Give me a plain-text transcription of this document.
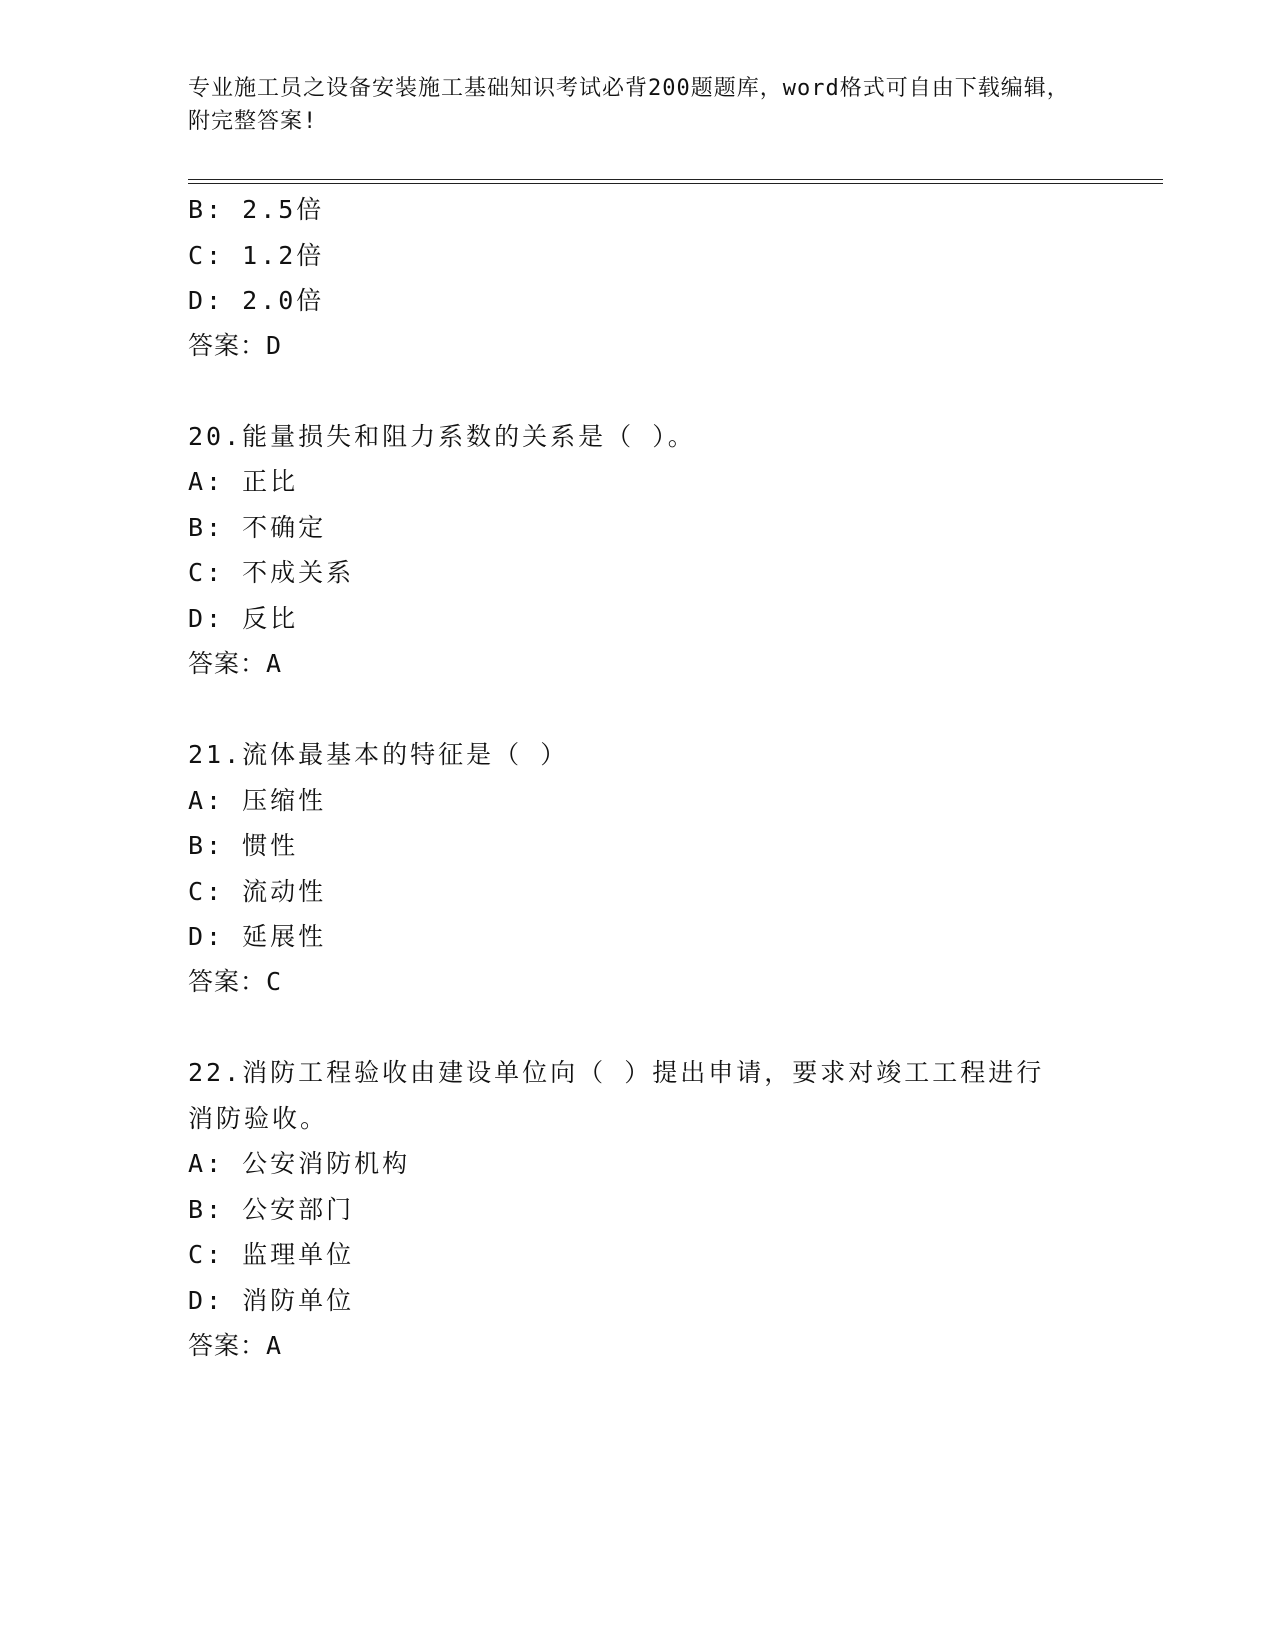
专业施工员之设备安装施工基础知识考试必背200题题库，word格式可自由下载编辑，附完整答案!
B: 2.5倍
C: 1.2倍
D: 2.0倍
答案：D
20.能量损失和阻力系数的关系是（ ）。
A: 正比
B: 不确定
C: 不成关系
D: 反比
答案：A
21.流体最基本的特征是（ ）
A: 压缩性
B: 惯性
C: 流动性
D: 延展性
答案：C
22.消防工程验收由建设单位向（ ）提出申请，要求对竣工工程进行
消防验收。
A: 公安消防机构
B: 公安部门
C: 监理单位
D: 消防单位
答案：A
